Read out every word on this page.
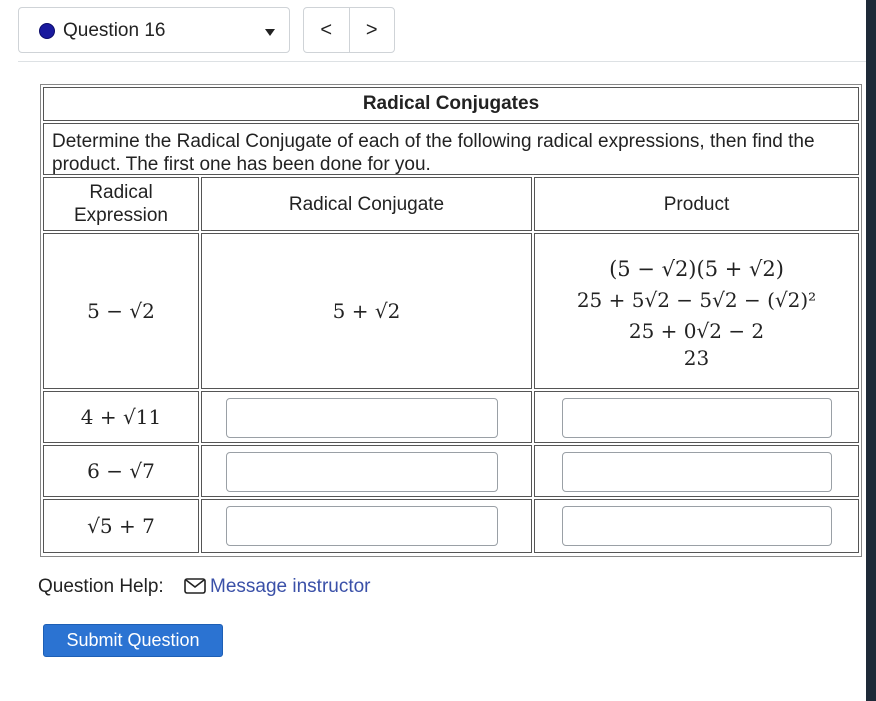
Question 16	<	>
Radical Conjugates
Determine the Radical Conjugate of each of the following radical expressions, then find the product. The first one has been done for you.
Radical
Expression
Radical Conjugate	Product
5 − √2	5 + √2
(5 − √2)(5 + √2)
25 + 5√2 − 5√2 − (√2)²
25 + 0√2 − 2
23
4 + √11
6 − √7
√5 + 7
Question Help: Message instructor
Submit Question
